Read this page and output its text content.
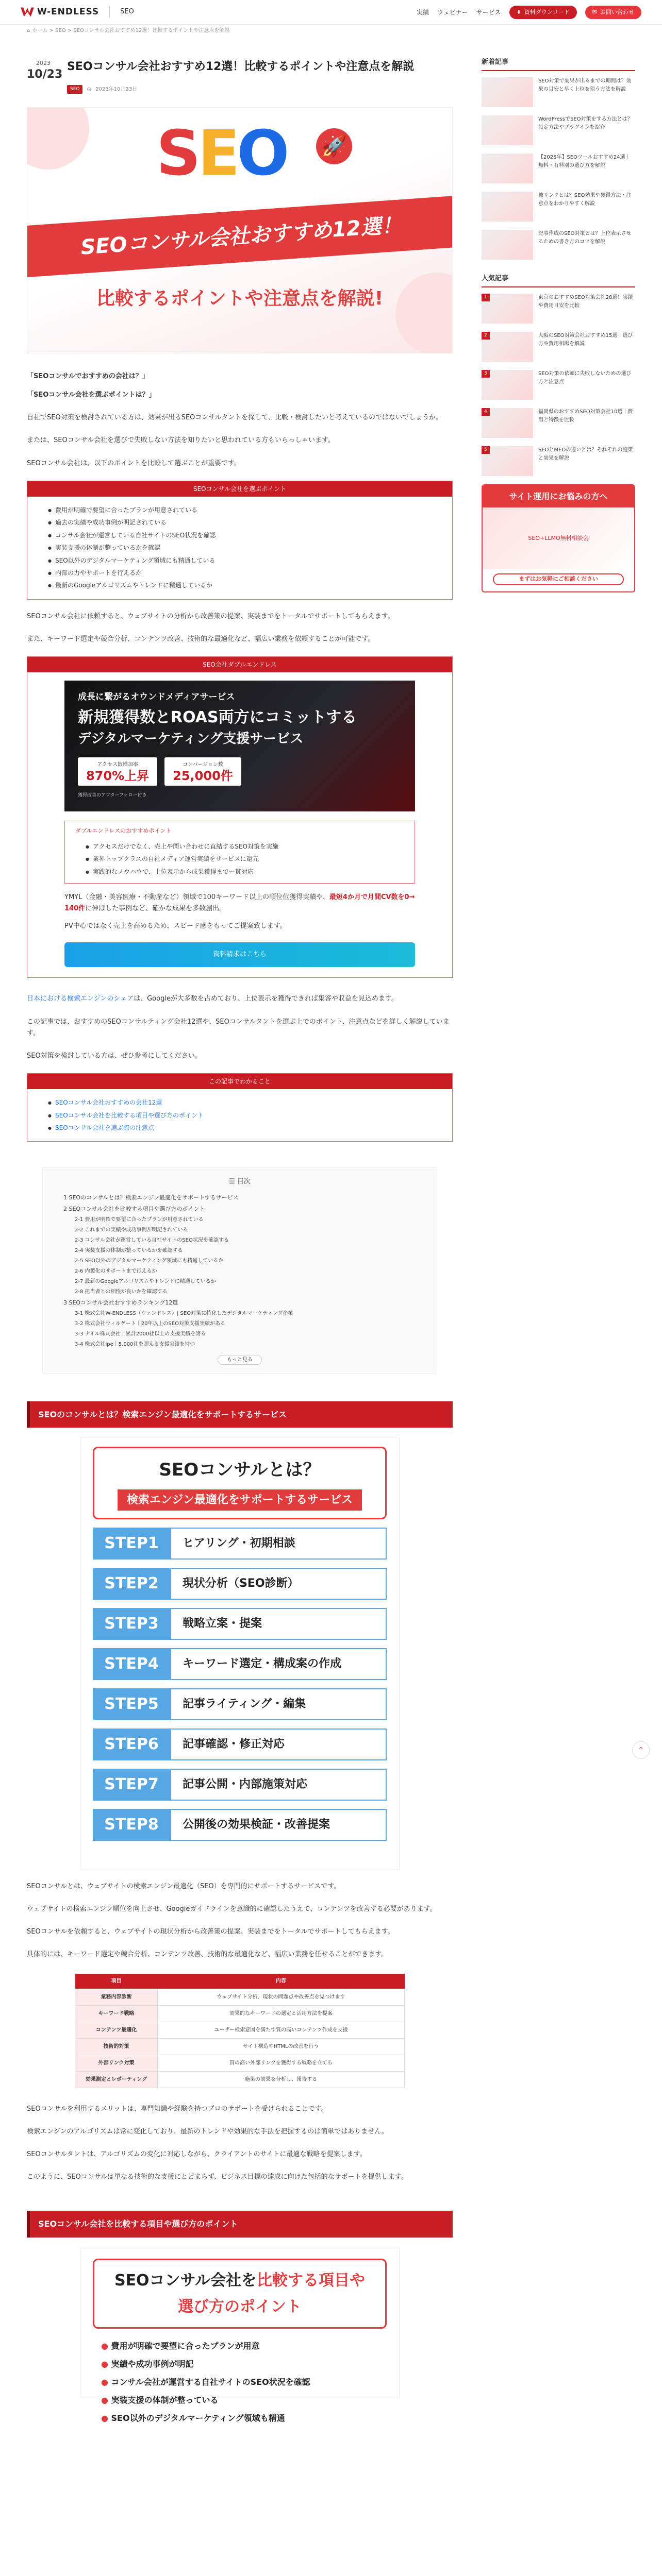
W-ENDLESS	SEO	実績 ウェビナー サービス	⬇ 資料ダウンロード	✉ お問い合わせ
⌂ ホーム > SEO > SEOコンサル会社おすすめ12選！比較するポイントや注意点を解説
2023
10/23
SEOコンサル会社おすすめ12選！比較するポイントや注意点を解説
SEO	◷ 2023年10月23日
SEO 🚀
SEOコンサル会社おすすめ12選！
比較するポイントや注意点を解説!

「SEOコンサルでおすすめの会社は？」

「SEOコンサル会社を選ぶポイントは？」

自社でSEO対策を検討されている方は、効果が出るSEOコンサルタントを探して、比較・検討したいと考えているのではないでしょうか。

または、SEOコンサル会社を選びで失敗しない方法を知りたいと思われている方もいらっしゃいます。

SEOコンサル会社は、以下のポイントを比較して選ぶことが重要です。

SEOコンサル会社を選ぶポイント
● 費用が明確で要望に合ったプランが用意されている
● 過去の実績や成功事例が明記されている
● コンサル会社が運営している自社サイトのSEO状況を確認
● 実装支援の体制が整っているかを確認
● SEO以外のデジタルマーケティング領域にも精通している
● 内部の力やサポートを行えるか
● 最新のGoogleアルゴリズムやトレンドに精通しているか

SEOコンサル会社に依頼すると、ウェブサイトの分析から改善策の提案、実装までをトータルでサポートしてもらえます。

また、キーワード選定や競合分析、コンテンツ改善、技術的な最適化など、幅広い業務を依頼することが可能です。

SEO会社ダブルエンドレス
成長に繋がるオウンドメディアサービス
新規獲得数とROAS両方にコミットする
デジタルマーケティング支援サービス
アクセス数増加率
870%上昇
コンバージョン数
25,000件
獲得改善のアフターフォロー付き
ダブルエンドレスのおすすめポイント
● アクセスだけでなく、売上や問い合わせに直結するSEO対策を実施
● 業界トップクラスの自社メディア運営実績をサービスに還元
● 実践的なノウハウで、上位表示から成果獲得まで一貫対応

YMYL（金融・美容医療・不動産など）領域で100キーワード以上の順位位獲得実績や、最短4か月で月間CV数を0→ 140件に伸ばした事例など、確かな成果を多数創出。

PV中心ではなく売上を高めるため、スピード感をもってご提案致します。

資料請求はこちら

日本における検索エンジンのシェアは、Googleが大多数を占めており、上位表示を獲得できれば集客や収益を見込めます。

この記事では、おすすめのSEOコンサルティング会社12選や、SEOコンサルタントを選ぶ上でのポイント、注意点などを詳しく解説しています。

SEO対策を検討している方は、ぜひ参考にしてください。

この記事でわかること
● SEOコンサル会社おすすめの会社12選
● SEOコンサル会社を比較する項目や選び方のポイント
● SEOコンサル会社を選ぶ際の注意点
☰ 目次
1 SEOのコンサルとは？検索エンジン最適化をサポートするサービス
2 SEOコンサル会社を比較する項目や選び方のポイント
2-1 費用が明確で要望に合ったプランが用意されている
2-2 これまでの実績や成功事例が明記されている
2-3 コンサル会社が運営している自社サイトのSEO状況を確認する
2-4 実装支援の体制が整っているかを確認する
2-5 SEO以外のデジタルマーケティング領域にも精通しているか
2-6 内製化のサポートまで行えるか
2-7 最新のGoogleアルゴリズムやトレンドに精通しているか
2-8 担当者との相性が良いかを確認する
3 SEOコンサル会社おすすめランキング12選
3-1 株式会社W-ENDLESS（ウェンドレス）| SEO対策に特化したデジタルマーケティング企業
3-2 株式会社ウィルゲート｜20年以上のSEO対策支援実績がある
3-3 ナイル株式会社｜累計2000社以上の支援実績を誇る
3-4 株式会社ipe｜5,000社を超える支援実績を持つ
もっと見る
SEOのコンサルとは？検索エンジン最適化をサポートするサービス
SEOコンサルとは？
検索エンジン最適化をサポートするサービス
STEP1	ヒアリング・初期相談
STEP2	現状分析（SEO診断）
STEP3	戦略立案・提案
STEP4	キーワード選定・構成案の作成
STEP5	記事ライティング・編集
STEP6	記事確認・修正対応
STEP7	記事公開・内部施策対応
STEP8	公開後の効果検証・改善提案

SEOコンサルとは、ウェブサイトの検索エンジン最適化（SEO）を専門的にサポートするサービスです。

ウェブサイトの検索エンジン順位を向上させ、Googleガイドラインを意識的に確認したうえで、コンテンツを改善する必要があります。

SEOコンサルを依頼すると、ウェブサイトの現状分析から改善策の提案、実装までをトータルでサポートしてもらえます。

具体的には、キーワード選定や競合分析、コンテンツ改善、技術的な最適化など、幅広い業務を任せることができます。

項目	内容
業務内容診断	ウェブサイト分析、現状の問題点や改善点を見つけます
キーワード戦略	効果的なキーワードの選定と活用方法を提案
コンテンツ最適化	ユーザー検索意図を満たす質の高いコンテンツ作成を支援
技術的対策	サイト構造やHTMLの改善を行う
外部リンク対策	質の高い外部リンクを獲得する戦略を立てる
効果測定とレポーティング	施策の効果を分析し、報告する

SEOコンサルを利用するメリットは、専門知識や経験を持つプロのサポートを受けられることです。

検索エンジンのアルゴリズムは常に変化しており、最新のトレンドや効果的な手法を把握するのは簡単ではありません。

SEOコンサルタントは、アルゴリズムの変化に対応しながら、クライアントのサイトに最適な戦略を提案します。

このように、SEOコンサルは単なる技術的な支援にとどまらず、ビジネス目標の達成に向けた包括的なサポートを提供します。

SEOコンサル会社を比較する項目や選び方のポイント
SEOコンサル会社を比較する項目や
選び方のポイント
● 費用が明確で要望に合ったプランが用意
● 実績や成功事例が明記
● コンサル会社が運営する自社サイトのSEO状況を確認
● 実装支援の体制が整っている
● SEO以外のデジタルマーケティング領域も精通
新着記事
SEO対策で効果が出るまでの期間は？効果の目安と早く上位を狙う方法を解説
WordPressでSEO対策をする方法とは？設定方法やプラグインを紹介
【2025年】SEOツールおすすめ24選｜無料・有料別の選び方を解説
被リンクとは？SEO効果や獲得方法・注意点をわかりやすく解説
記事作成のSEO対策とは？上位表示させるための書き方のコツを解説
人気記事
1	東京のおすすめSEO対策会社28選！実績や費用目安を比較
2	大阪のSEO対策会社おすすめ15選｜選び方や費用相場を解説
3	SEO対策の依頼に失敗しないための選び方と注意点
4	福岡県のおすすめSEO対策会社10選｜費用と特徴を比較
5	SEOとMEOの違いとは？それぞれの施策と効果を解説
サイト運用にお悩みの方へ
SEO+LLMO無料相談会
まずはお気軽にご相談ください
⌃
